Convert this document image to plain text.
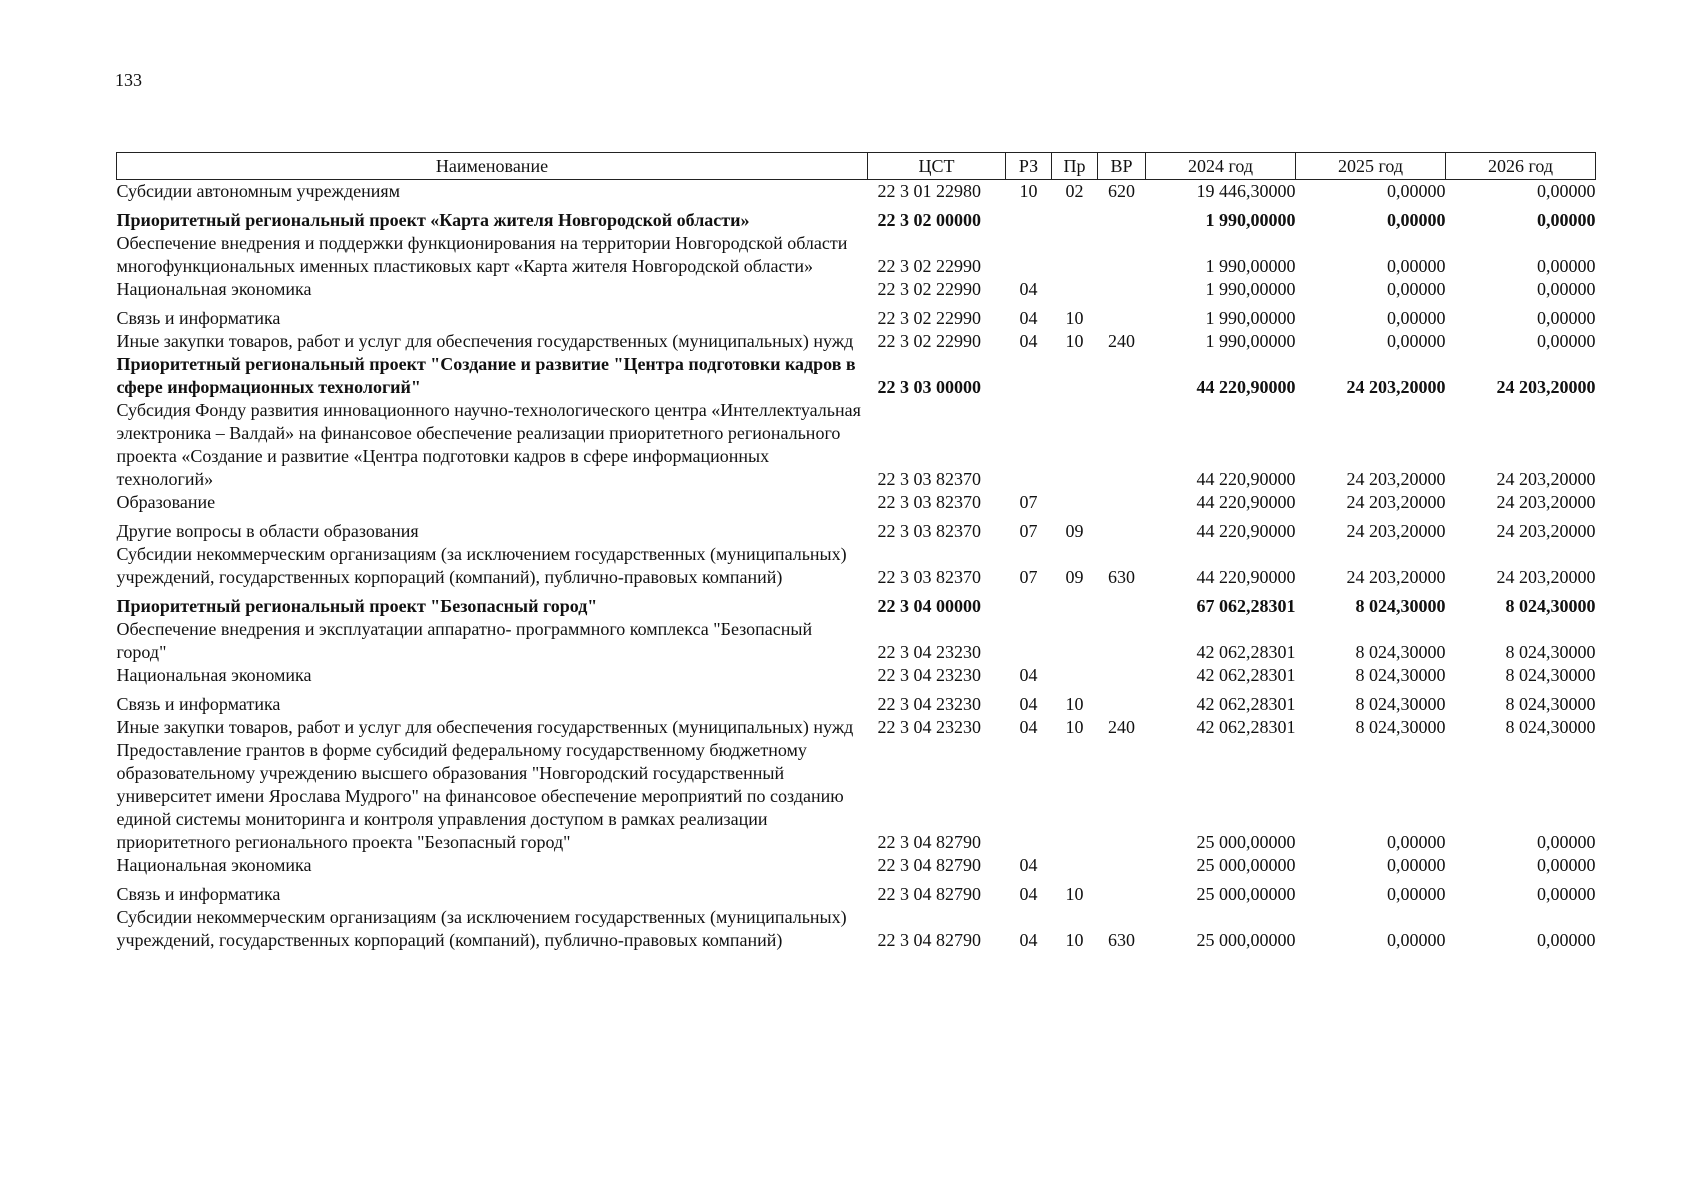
133
Наименование	ЦСТ	РЗ	Пр	ВР	2024 год	2025 год	2026 год
Субсидии автономным учреждениям	22 3 01 22980	10	02	620	19 446,30000	0,00000	0,00000
Приоритетный региональный проект «Карта жителя Новгородской области»	22 3 02 00000				1 990,00000	0,00000	0,00000
Обеспечение внедрения и поддержки функционирования на территории Новгородской области многофункциональных именных пластиковых карт «Карта жителя Новгородской области»	22 3 02 22990				1 990,00000	0,00000	0,00000
Национальная экономика	22 3 02 22990	04			1 990,00000	0,00000	0,00000
Связь и информатика	22 3 02 22990	04	10		1 990,00000	0,00000	0,00000
Иные закупки товаров, работ и услуг для обеспечения государственных (муниципальных) нужд	22 3 02 22990	04	10	240	1 990,00000	0,00000	0,00000
Приоритетный региональный проект "Создание и развитие "Центра подготовки кадров в сфере информационных технологий"	22 3 03 00000				44 220,90000	24 203,20000	24 203,20000
Субсидия Фонду развития инновационного научно-технологического центра «Интеллектуальная электроника – Валдай» на финансовое обеспечение реализации приоритетного регионального проекта «Создание и развитие «Центра подготовки кадров в сфере информационных технологий»	22 3 03 82370				44 220,90000	24 203,20000	24 203,20000
Образование	22 3 03 82370	07			44 220,90000	24 203,20000	24 203,20000
Другие вопросы в области образования	22 3 03 82370	07	09		44 220,90000	24 203,20000	24 203,20000
Субсидии некоммерческим организациям (за исключением государственных (муниципальных) учреждений, государственных корпораций (компаний), публично-правовых компаний)	22 3 03 82370	07	09	630	44 220,90000	24 203,20000	24 203,20000
Приоритетный региональный проект "Безопасный город"	22 3 04 00000				67 062,28301	8 024,30000	8 024,30000
Обеспечение внедрения и эксплуатации аппаратно- программного комплекса "Безопасный город"	22 3 04 23230				42 062,28301	8 024,30000	8 024,30000
Национальная экономика	22 3 04 23230	04			42 062,28301	8 024,30000	8 024,30000
Связь и информатика	22 3 04 23230	04	10		42 062,28301	8 024,30000	8 024,30000
Иные закупки товаров, работ и услуг для обеспечения государственных (муниципальных) нужд	22 3 04 23230	04	10	240	42 062,28301	8 024,30000	8 024,30000
Предоставление грантов в форме субсидий федеральному государственному бюджетному образовательному учреждению высшего образования "Новгородский государственный университет имени Ярослава Мудрого" на финансовое обеспечение мероприятий по созданию единой системы мониторинга и контроля управления доступом в рамках реализации приоритетного регионального проекта "Безопасный город"	22 3 04 82790				25 000,00000	0,00000	0,00000
Национальная экономика	22 3 04 82790	04			25 000,00000	0,00000	0,00000
Связь и информатика	22 3 04 82790	04	10		25 000,00000	0,00000	0,00000
Субсидии некоммерческим организациям (за исключением государственных (муниципальных) учреждений, государственных корпораций (компаний), публично-правовых компаний)	22 3 04 82790	04	10	630	25 000,00000	0,00000	0,00000
